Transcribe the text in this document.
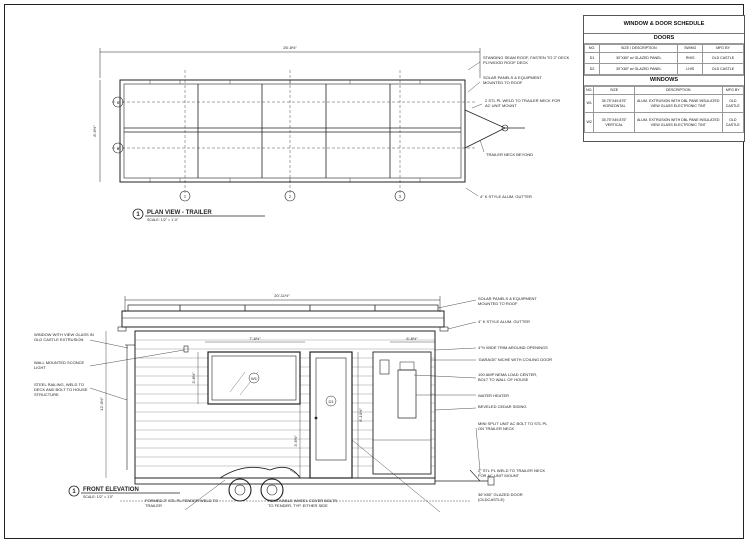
26'-6½"
8'-6½"
A
B
1	2	3
1 PLAN VIEW - TRAILER
SCALE: 1/2" = 1'-0"
20'-11½"
7'-6½"	6'-8½"
12'-0½"
3'-8½"
6'-10½"
3'-6½"
W1
D1
1 FRONT ELEVATION
SCALE: 1/2" = 1'0"
STANDING SEAM ROOF, FASTEN TO 2" DECK PLYWOOD ROOF DECK
SOLAR PANELS & EQUIPMENT MOUNTED TO ROOF
2 STL PL WELD TO TRAILER NECK FOR AC UNIT MOUNT
TRAILER NECK BEYOND
4" K STYLE ALUM. GUTTER
WINDOW WITH VIEW GLASS IN OLD CASTLE EXTRUSION
WALL MOUNTED SCONCE LIGHT
STEEL RAILING, WELD TO DECK AND BOLT TO HOUSE STRUCTURE
SOLAR PANELS & EQUIPMENT MOUNTED TO ROOF
4" K STYLE ALUM. GUTTER
4"½ WIDE TRIM AROUND OPENINGS
'GARAGE' NICHE WITH COILING DOOR
100 AMP NEMA LOAD CENTER, BOLT TO WALL OF HOUSE
WATER HEATER
BEVELED CEDAR SIDING
MINI SPLIT UNIT AC BOLT TO STL PL ON TRAILER NECK
2" STL PL WELD TO TRAILER NECK FOR AC UNIT MOUNT
36"X80" GLAZED DOOR (OLDCASTLE)
FORMED 2" STL PL FENDER WELD TO TRAILER
REMOVABLE WHEEL COVER BOLTS TO FENDER, TYP. EITHER SIDE
WINDOW & DOOR SCHEDULE
DOORS
NO.	SIZE / DESCRIPTION	SWING	MFG BY
D1	30"X80" w/ GLAZED PANEL	RHIS	OLD CASTLE
D2	30"X80" w/ GLAZED PANEL	LHIS	OLD CASTLE
WINDOWS
NO.	SIZE	DESCRIPTION	MFG BY
W1	35.75"X49.875" HORIZONTAL	ALUM. EXTRUSION WITH DBL PANE INSULATED VIEW GLASS ELECTRONIC TINT	OLD CASTLE
W2	35.75"X49.875" VERTICAL	ALUM. EXTRUSION WITH DBL PANE INSULATED VIEW GLASS ELECTRONIC TINT	OLD CASTLE
